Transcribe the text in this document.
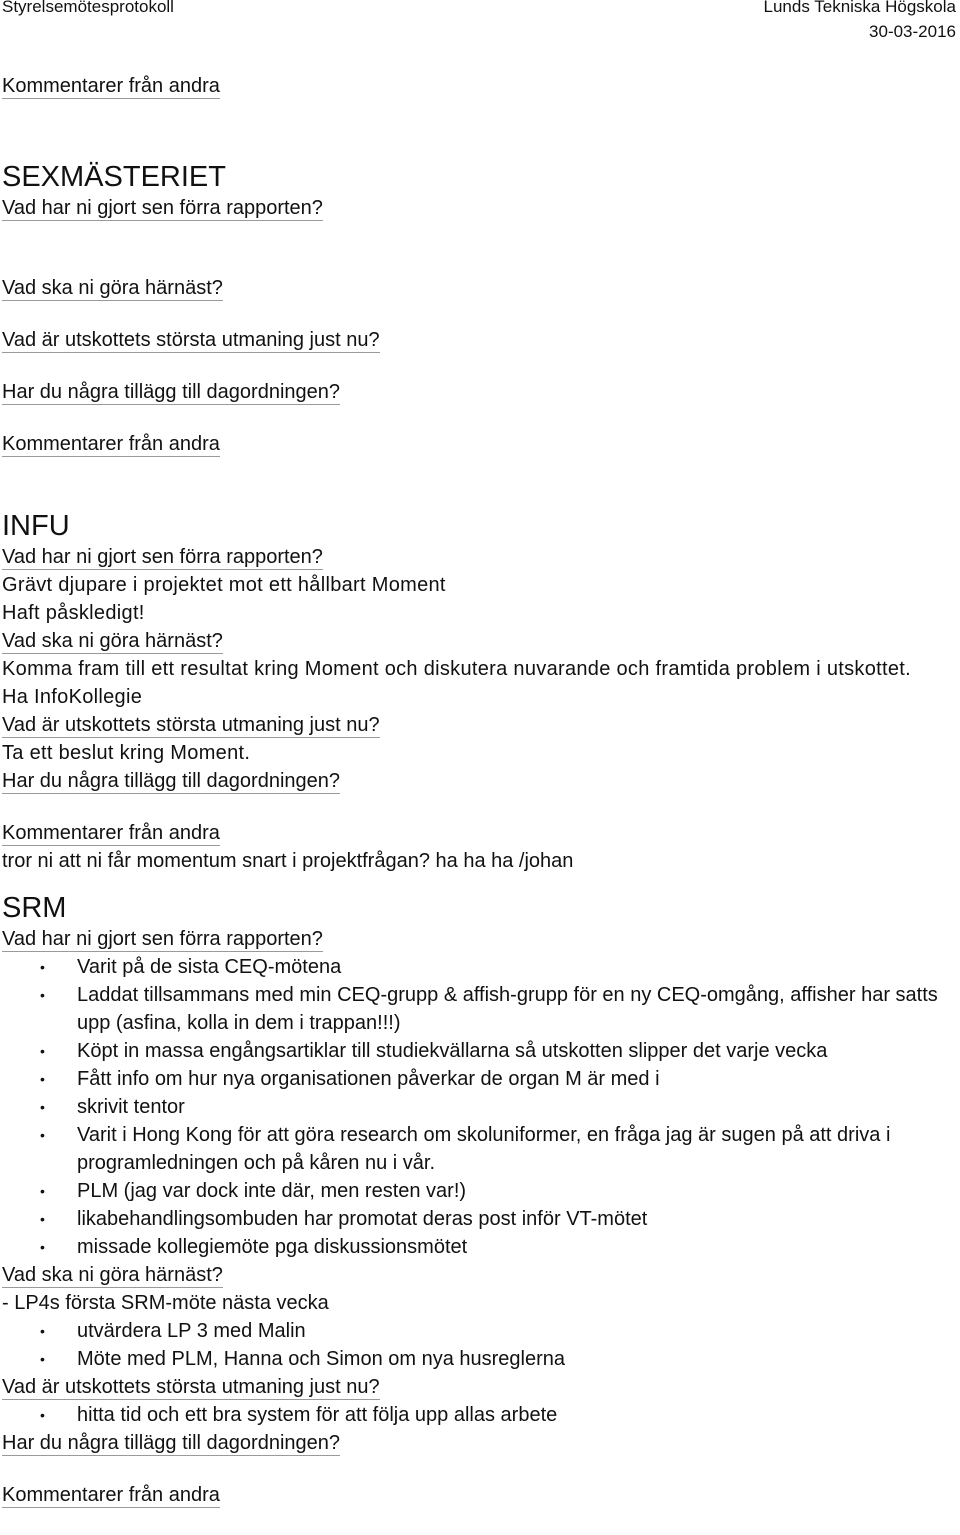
Styrelsemötesprotokoll	Lunds Tekniska Högskola
30-03-2016
Kommentarer från andra
SEXMÄSTERIET
Vad har ni gjort sen förra rapporten?
Vad ska ni göra härnäst?
Vad är utskottets största utmaning just nu?
Har du några tillägg till dagordningen?
Kommentarer från andra
INFU
Vad har ni gjort sen förra rapporten?
Grävt djupare i projektet mot ett hållbart Moment
Haft påskledigt!
Vad ska ni göra härnäst?
Komma fram till ett resultat kring Moment och diskutera nuvarande och framtida problem i utskottet.
Ha InfoKollegie
Vad är utskottets största utmaning just nu?
Ta ett beslut kring Moment.
Har du några tillägg till dagordningen?
Kommentarer från andra
tror ni att ni får momentum snart i projektfrågan? ha ha ha /johan
SRM
Vad har ni gjort sen förra rapporten?
• Varit på de sista CEQ-mötena
• Laddat tillsammans med min CEQ-grupp & affish-grupp för en ny CEQ-omgång, affisher har satts upp (asfina, kolla in dem i trappan!!!)
• Köpt in massa engångsartiklar till studiekvällarna så utskotten slipper det varje vecka
• Fått info om hur nya organisationen påverkar de organ M är med i
• skrivit tentor
• Varit i Hong Kong för att göra research om skoluniformer, en fråga jag är sugen på att driva i programledningen och på kåren nu i vår.
• PLM (jag var dock inte där, men resten var!)
• likabehandlingsombuden har promotat deras post inför VT-mötet
• missade kollegiemöte pga diskussionsmötet
Vad ska ni göra härnäst?
- LP4s första SRM-möte nästa vecka
• utvärdera LP 3 med Malin
• Möte med PLM, Hanna och Simon om nya husreglerna
Vad är utskottets största utmaning just nu?
• hitta tid och ett bra system för att följa upp allas arbete
Har du några tillägg till dagordningen?
Kommentarer från andra
